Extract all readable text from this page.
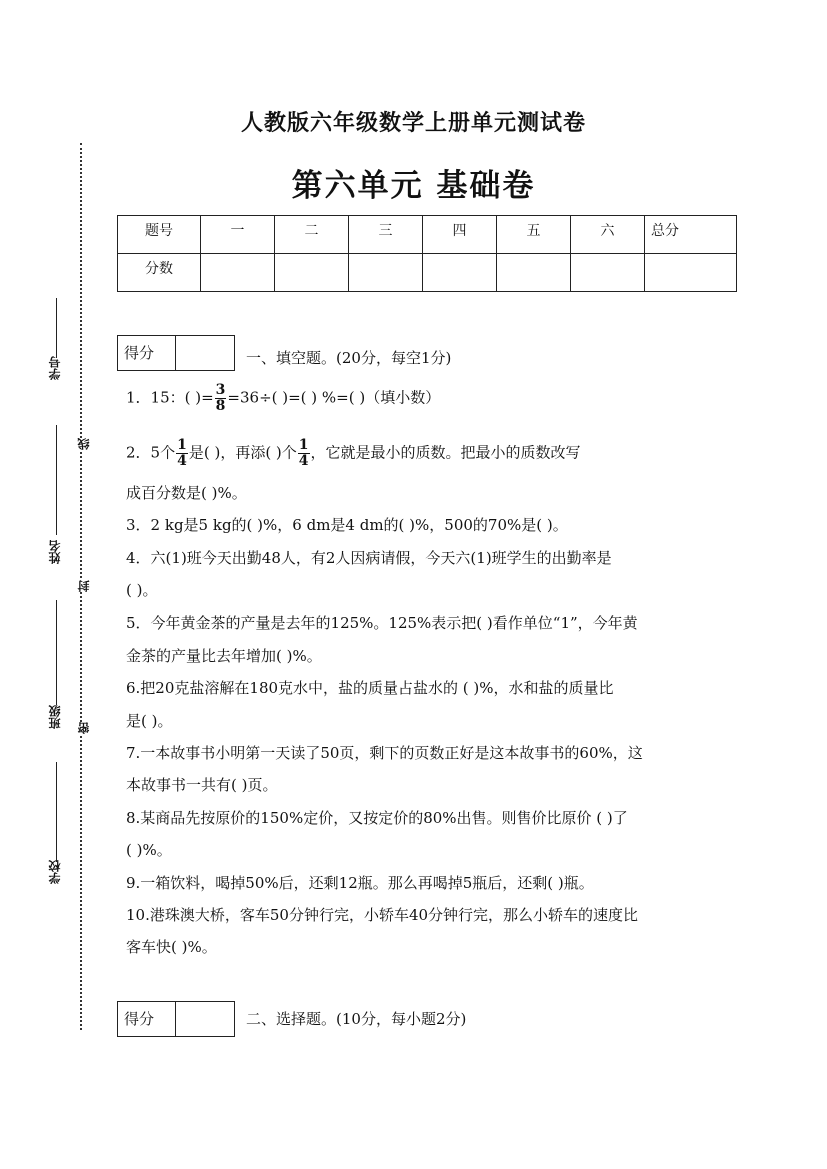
人教版六年级数学上册单元测试卷
第六单元 基础卷
题号	一	二	三	四	五	六	总分
分数							
学号
姓名
班级
学校
线
封
密
得分	一、填空题。(20分，每空1分)
1．15：( )= $\frac{3}{8} =36\div$( )=( ) %=( )（填小数）
2．5个 $\frac{1}{4}$ 是( )，再添( )个 $\frac{1}{4}$ ，它就是最小的质数。把最小的质数改写
成百分数是( )%。
3．2 kg是5 kg的( )%，6 dm是4 dm的( )%，500的70%是( )。
4．六(1)班今天出勤48人，有2人因病请假，今天六(1)班学生的出勤率是
( )。
5．今年黄金茶的产量是去年的125%。125%表示把( )看作单位“1”，今年黄
金茶的产量比去年增加( )%。
6.把20克盐溶解在180克水中，盐的质量占盐水的 ( )%，水和盐的质量比
是( )。
7.一本故事书小明第一天读了50页，剩下的页数正好是这本故事书的60%，这
本故事书一共有( )页。
8.某商品先按原价的150%定价，又按定价的80%出售。则售价比原价 ( )了
( )%。
9.一箱饮料，喝掉50%后，还剩12瓶。那么再喝掉5瓶后，还剩( )瓶。
10.港珠澳大桥，客车50分钟行完，小轿车40分钟行完，那么小轿车的速度比
客车快( )%。
得分	二、选择题。(10分，每小题2分)
